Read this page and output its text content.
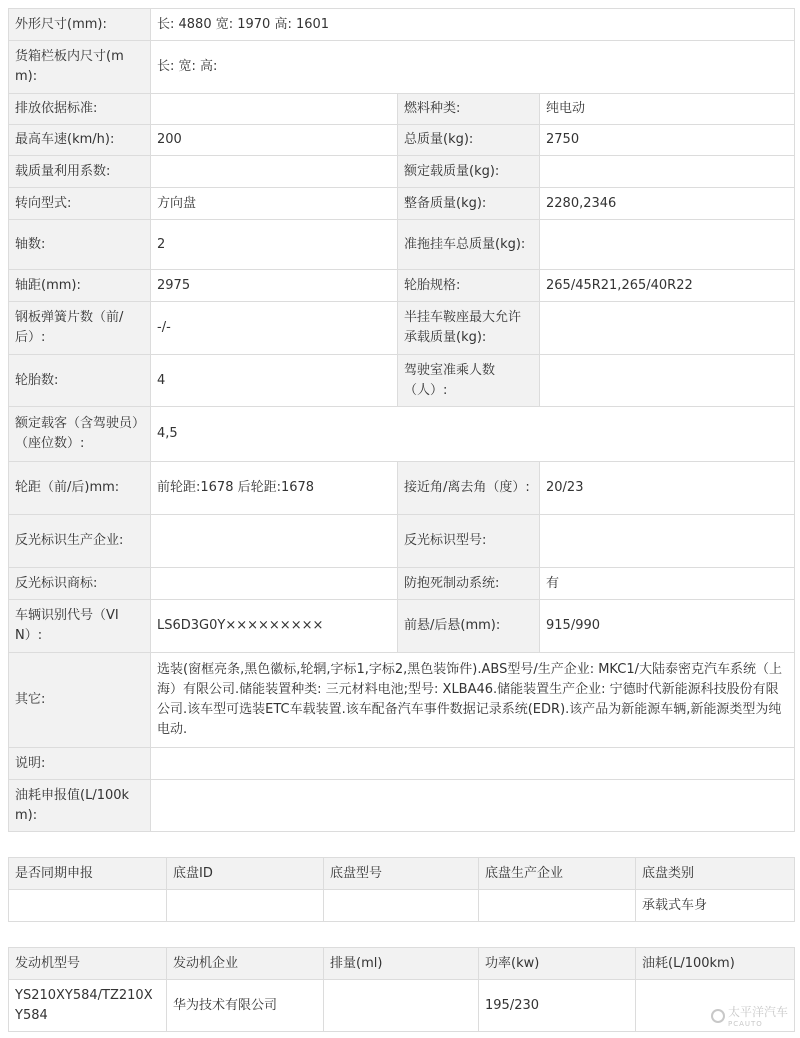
外形尺寸(mm):	长: 4880 宽: 1970 高: 1601		
货箱栏板内尺寸(mm):	长: 宽: 高:		
排放依据标准:		燃料种类:	纯电动
最高车速(km/h):	200	总质量(kg):	2750
载质量利用系数:		额定载质量(kg):	
转向型式:	方向盘	整备质量(kg):	2280,2346
轴数:	2	准拖挂车总质量(kg):	
轴距(mm):	2975	轮胎规格:	265/45R21,265/40R22
钢板弹簧片数（前/后）:	-/-	半挂车鞍座最大允许承载质量(kg):	
轮胎数:	4	驾驶室准乘人数（人）:	
额定载客（含驾驶员）（座位数）:	4,5		
轮距（前/后)mm:	前轮距:1678 后轮距:1678	接近角/离去角（度）:	20/23
反光标识生产企业:		反光标识型号:	
反光标识商标:		防抱死制动系统:	有
车辆识别代号（VIN）:	LS6D3G0Y×××××××××	前悬/后悬(mm):	915/990
其它:	选装(窗框亮条,黑色徽标,轮辋,字标1,字标2,黑色装饰件).ABS型号/生产企业: MKC1/大陆泰密克汽车系统（上海）有限公司.储能装置种类: 三元材料电池;型号: XLBA46.储能装置生产企业: 宁德时代新能源科技股份有限公司.该车型可选装ETC车载装置.该车配备汽车事件数据记录系统(EDR).该产品为新能源车辆,新能源类型为纯电动.		
说明:			
油耗申报值(L/100km):			
是否同期申报	底盘ID	底盘型号	底盘生产企业	底盘类别
				承载式车身
发动机型号	发动机企业	排量(ml)	功率(kw)	油耗(L/100km)
YS210XY584/TZ210XY584	华为技术有限公司		195/230		太平洋汽车
PCAUTO
